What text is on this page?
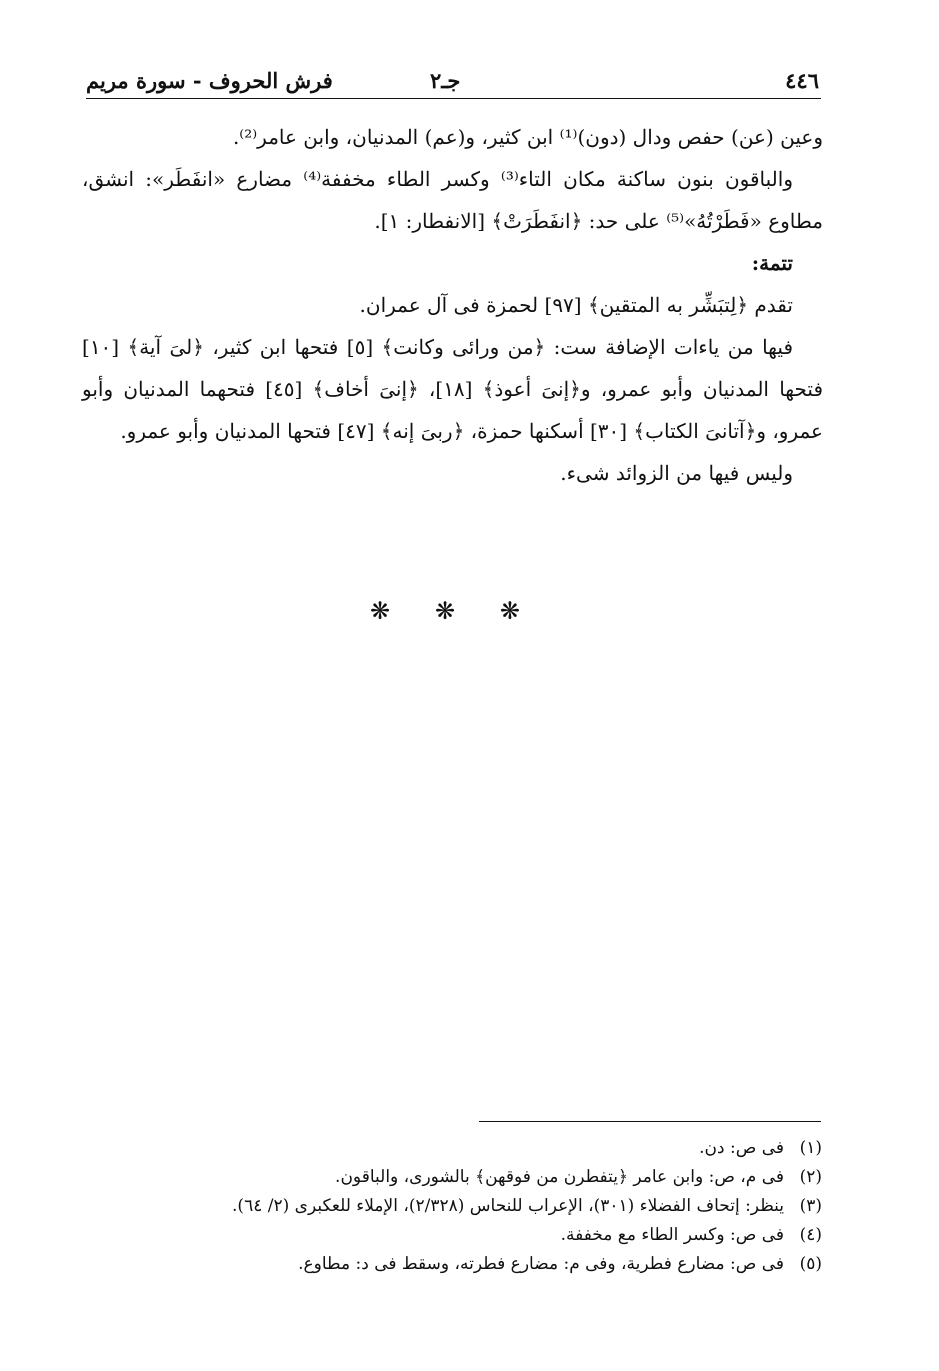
٤٤٦
جـ٢
فرش الحروف - سورة مريم

وعين (عن) حفص ودال (دون)⁽¹⁾ ابن كثير، و(عم) المدنيان، وابن عامر⁽²⁾.

والباقون بنون ساكنة مكان التاء⁽³⁾ وكسر الطاء مخففة⁽⁴⁾ مضارع «انفَطَر»: انشق، مطاوع «فَطَرْتُهُ»⁽⁵⁾ على حد: ﴿انفَطَرَتْ﴾ [الانفطار: ١].

تتمة:

تقدم ﴿لِتبَشِّر به المتقين﴾ [٩٧] لحمزة فى آل عمران.

فيها من ياءات الإضافة ست: ﴿من ورائى وكانت﴾ [٥] فتحها ابن كثير، ﴿لىَ آية﴾ [١٠] فتحها المدنيان وأبو عمرو، و﴿إنىَ أعوذ﴾ [١٨]، ﴿إنىَ أخاف﴾ [٤٥] فتحهما المدنيان وأبو عمرو، و﴿آتانىَ الكتاب﴾ [٣٠] أسكنها حمزة، ﴿ربىَ إنه﴾ [٤٧] فتحها المدنيان وأبو عمرو.

وليس فيها من الزوائد شىء.

❋ ❋ ❋
(١)
فى ص: دن.
(٢)
فى م، ص: وابن عامر ﴿يتفطرن من فوقهن﴾ بالشورى، والباقون.
(٣)
ينظر: إتحاف الفضلاء (٣٠١)، الإعراب للنحاس (٢/٣٢٨)، الإملاء للعكبرى (٢/ ٦٤).
(٤)
فى ص: وكسر الطاء مع مخففة.
(٥)
فى ص: مضارع فطرية، وفى م: مضارع فطرته، وسقط فى د: مطاوع.
